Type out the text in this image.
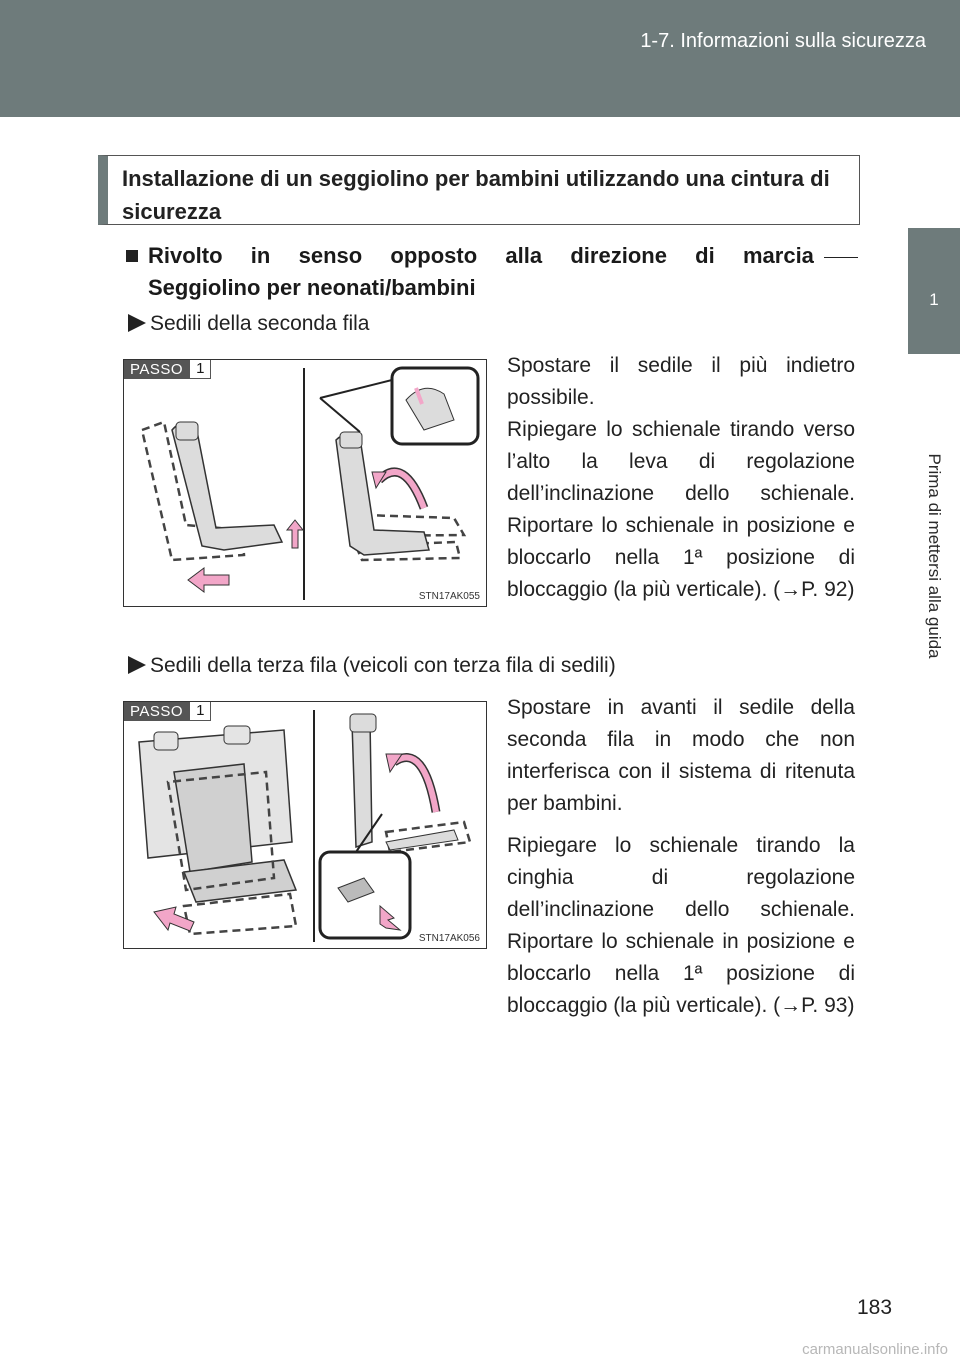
1-7. Informazioni sulla sicurezza
1
Prima di mettersi alla guida
Installazione di un seggiolino per bambini utilizzando una cintura di sicurezza
Rivolto in senso opposto alla direzione di marcia
Seggiolino per neonati/bambini
Sedili della seconda fila
PASSO 1
STN17AK055

Spostare il sedile il più indietro possibile.

Ripiegare lo schienale tirando verso l’alto la leva di regolazione dell’inclinazione dello schienale. Riportare lo schienale in posizione e bloccarlo nella 1ª posizione di bloccaggio (la più verticale). (→P. 92)

Sedili della terza fila (veicoli con terza fila di sedili)
PASSO 1
STN17AK056

Spostare in avanti il sedile della seconda fila in modo che non interferisca con il sistema di ritenuta per bambini.

Ripiegare lo schienale tirando la cinghia di regolazione dell’inclinazione dello schienale. Riportare lo schienale in posizione e bloccarlo nella 1ª posizione di bloccaggio (la più verticale). (→P. 93)

183
carmanualsonline.info
